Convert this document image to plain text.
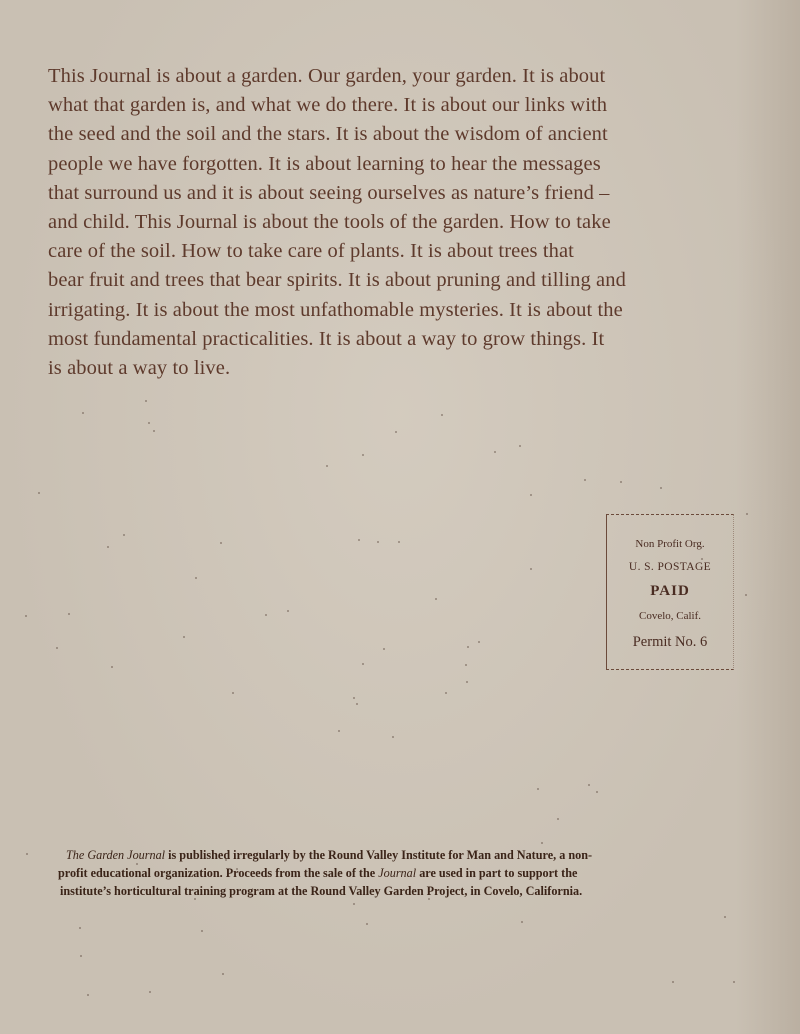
This Journal is about a garden. Our garden, your garden. It is about
what that garden is, and what we do there. It is about our links with
the seed and the soil and the stars. It is about the wisdom of ancient
people we have forgotten. It is about learning to hear the messages
that surround us and it is about seeing ourselves as nature’s friend –
and child. This Journal is about the tools of the garden. How to take
care of the soil. How to take care of plants. It is about trees that
bear fruit and trees that bear spirits. It is about pruning and tilling and
irrigating. It is about the most unfathomable mysteries. It is about the
most fundamental practicalities. It is about a way to grow things. It
is about a way to live.
Non Profit Org.
U. S. POSTAGE
PAID
Covelo, Calif.
Permit No. 6
The Garden Journal is published irregularly by the Round Valley Institute for Man and Nature, a non-
profit educational organization. Proceeds from the sale of the Journal are used in part to support the
institute’s horticultural training program at the Round Valley Garden Project, in Covelo, California.
